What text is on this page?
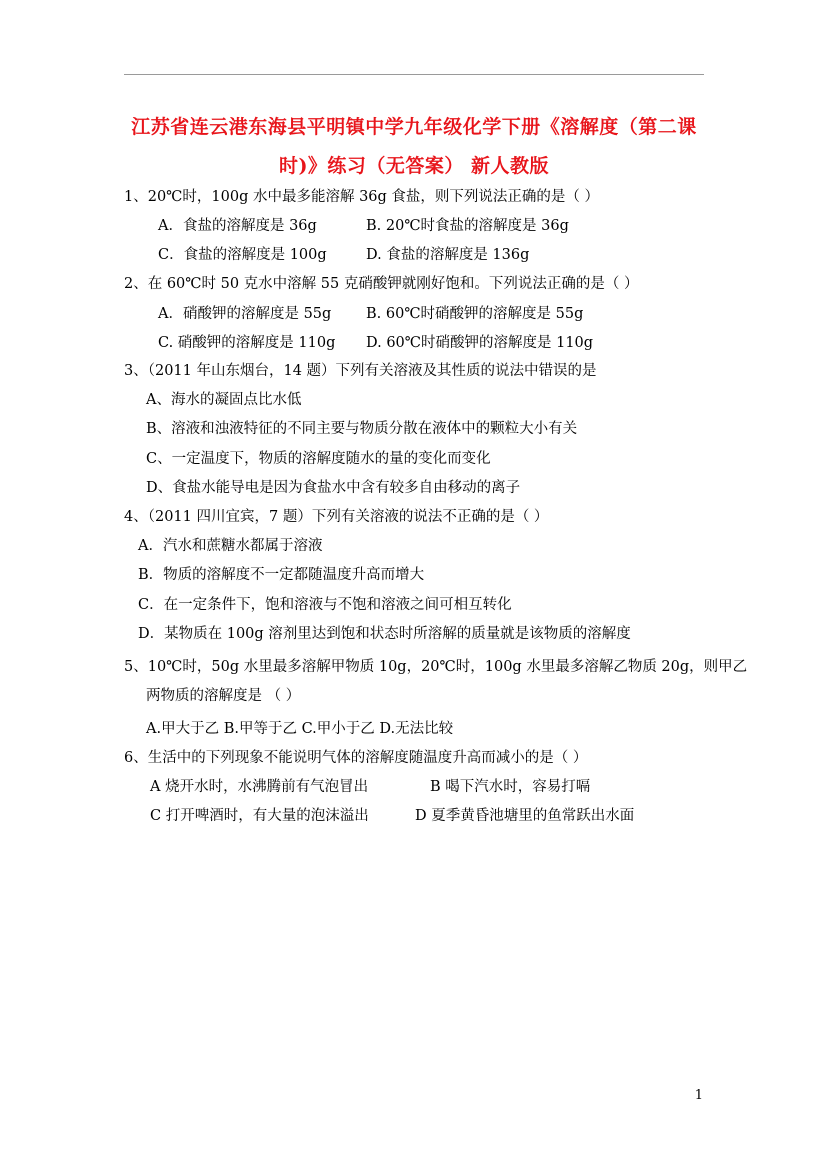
江苏省连云港东海县平明镇中学九年级化学下册《溶解度（第二课
时)》练习（无答案） 新人教版
1、20℃时，100g 水中最多能溶解 36g 食盐，则下列说法正确的是（ ）
A．食盐的溶解度是 36g	B. 20℃时食盐的溶解度是 36g
C．食盐的溶解度是 100g	D. 食盐的溶解度是 136g
2、在 60℃时 50 克水中溶解 55 克硝酸钾就刚好饱和。下列说法正确的是（ ）
A．硝酸钾的溶解度是 55g B. 60℃时硝酸钾的溶解度是 55g
C. 硝酸钾的溶解度是 110g D. 60℃时硝酸钾的溶解度是 110g
3、（2011 年山东烟台，14 题）下列有关溶液及其性质的说法中错误的是
A、海水的凝固点比水低
B、溶液和浊液特征的不同主要与物质分散在液体中的颗粒大小有关
C、一定温度下，物质的溶解度随水的量的变化而变化
D、食盐水能导电是因为食盐水中含有较多自由移动的离子
4、（2011 四川宜宾，7 题）下列有关溶液的说法不正确的是（ ）
A．汽水和蔗糖水都属于溶液
B．物质的溶解度不一定都随温度升高而增大
C．在一定条件下，饱和溶液与不饱和溶液之间可相互转化
D．某物质在 100g 溶剂里达到饱和状态时所溶解的质量就是该物质的溶解度
5、10℃时，50g 水里最多溶解甲物质 10g，20℃时，100g 水里最多溶解乙物质 20g，则甲乙
两物质的溶解度是 （ ）
A.甲大于乙 B.甲等于乙 C.甲小于乙 D.无法比较
6、生活中的下列现象不能说明气体的溶解度随温度升高而减小的是（ ）
A 烧开水时，水沸腾前有气泡冒出	B 喝下汽水时，容易打嗝
C 打开啤酒时，有大量的泡沫溢出	D 夏季黄昏池塘里的鱼常跃出水面
1
